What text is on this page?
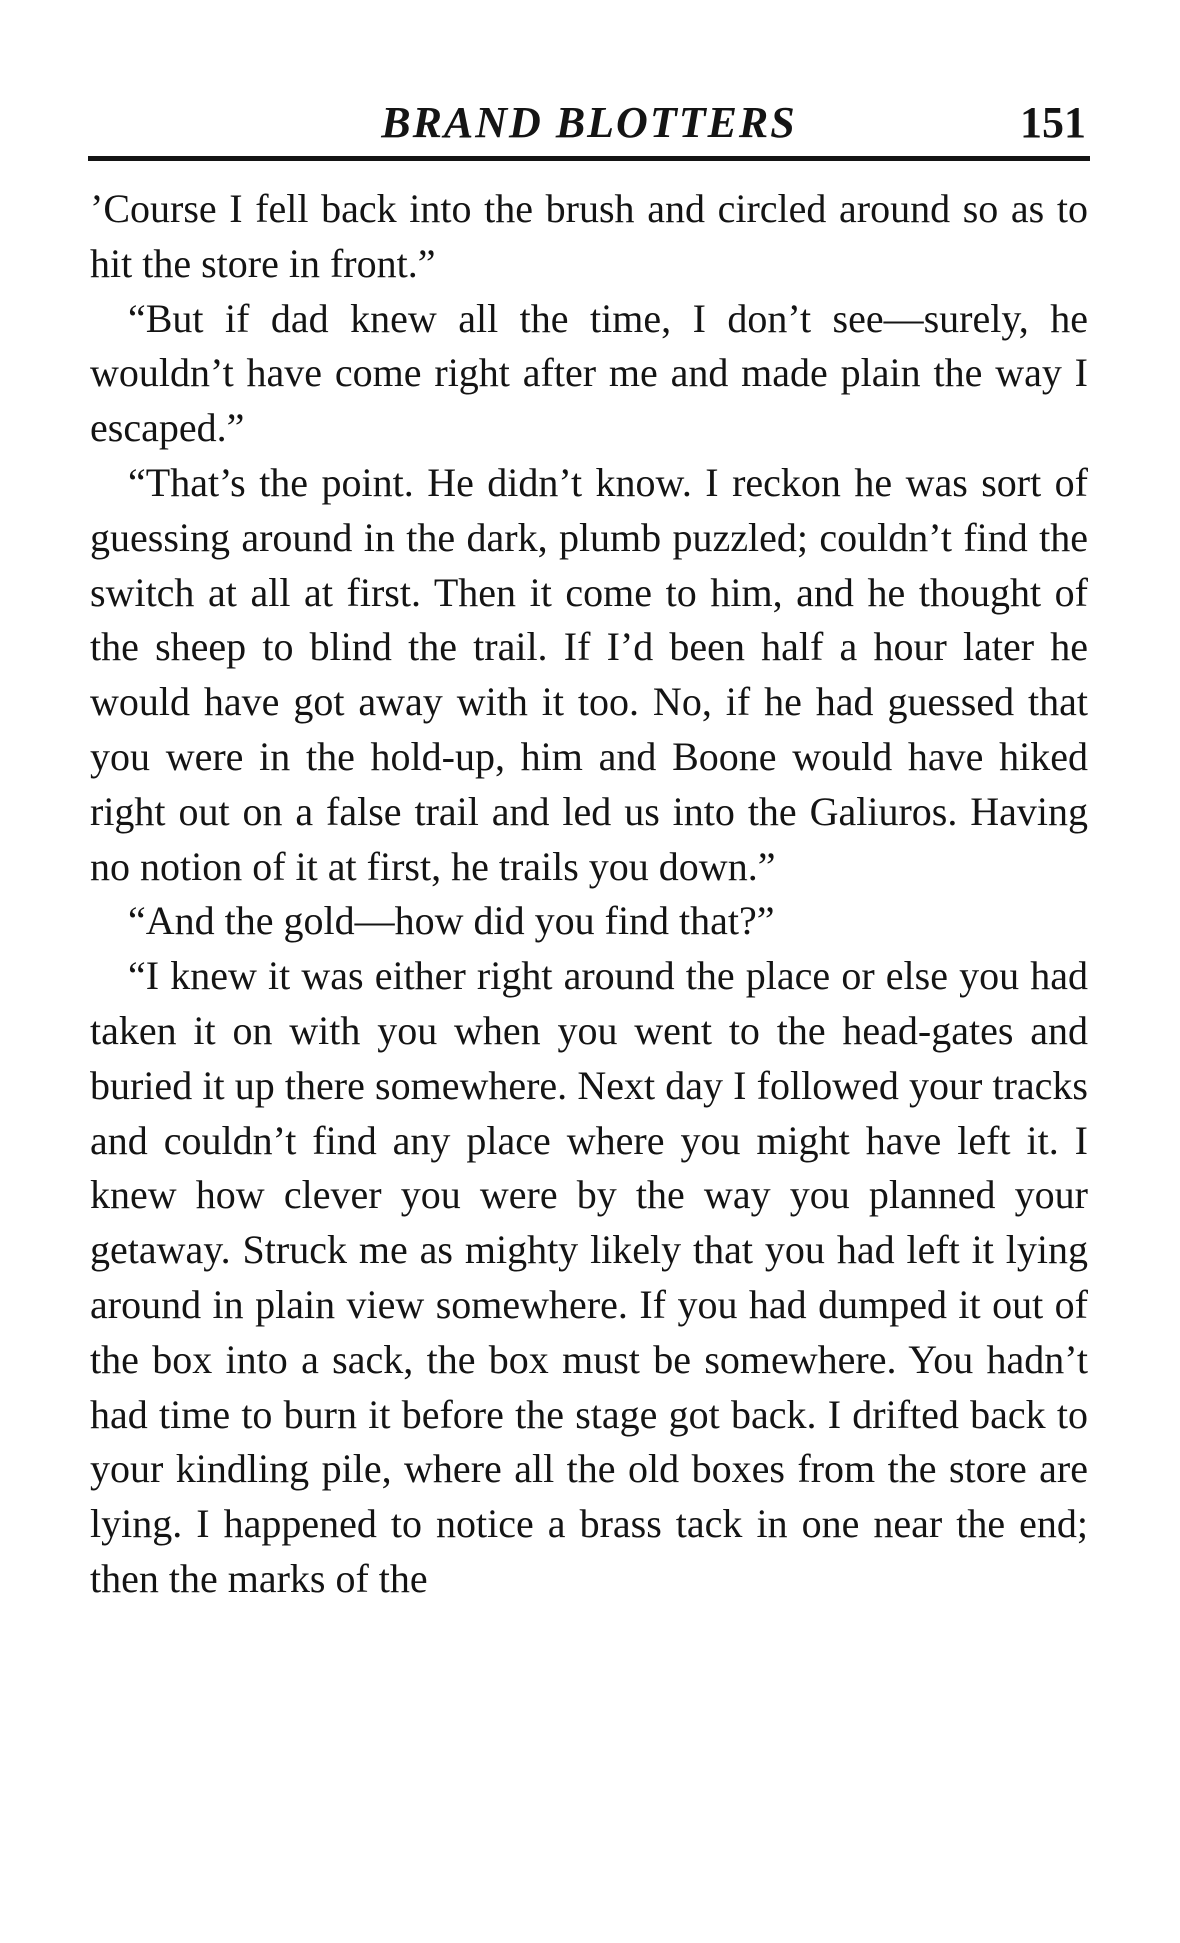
BRAND BLOTTERS	151

’Course I fell back into the brush and circled around so as to hit the store in front.”

“But if dad knew all the time, I don’t see—surely, he wouldn’t have come right after me and made plain the way I escaped.”

“That’s the point. He didn’t know. I reckon he was sort of guessing around in the dark, plumb puzzled; couldn’t find the switch at all at first. Then it come to him, and he thought of the sheep to blind the trail. If I’d been half a hour later he would have got away with it too. No, if he had guessed that you were in the hold-up, him and Boone would have hiked right out on a false trail and led us into the Galiuros. Having no notion of it at first, he trails you down.”

“And the gold—how did you find that?”

“I knew it was either right around the place or else you had taken it on with you when you went to the head-gates and buried it up there somewhere. Next day I followed your tracks and couldn’t find any place where you might have left it. I knew how clever you were by the way you planned your getaway. Struck me as mighty likely that you had left it lying around in plain view somewhere. If you had dumped it out of the box into a sack, the box must be somewhere. You hadn’t had time to burn it before the stage got back. I drifted back to your kindling pile, where all the old boxes from the store are lying. I happened to notice a brass tack in one near the end; then the marks of the
